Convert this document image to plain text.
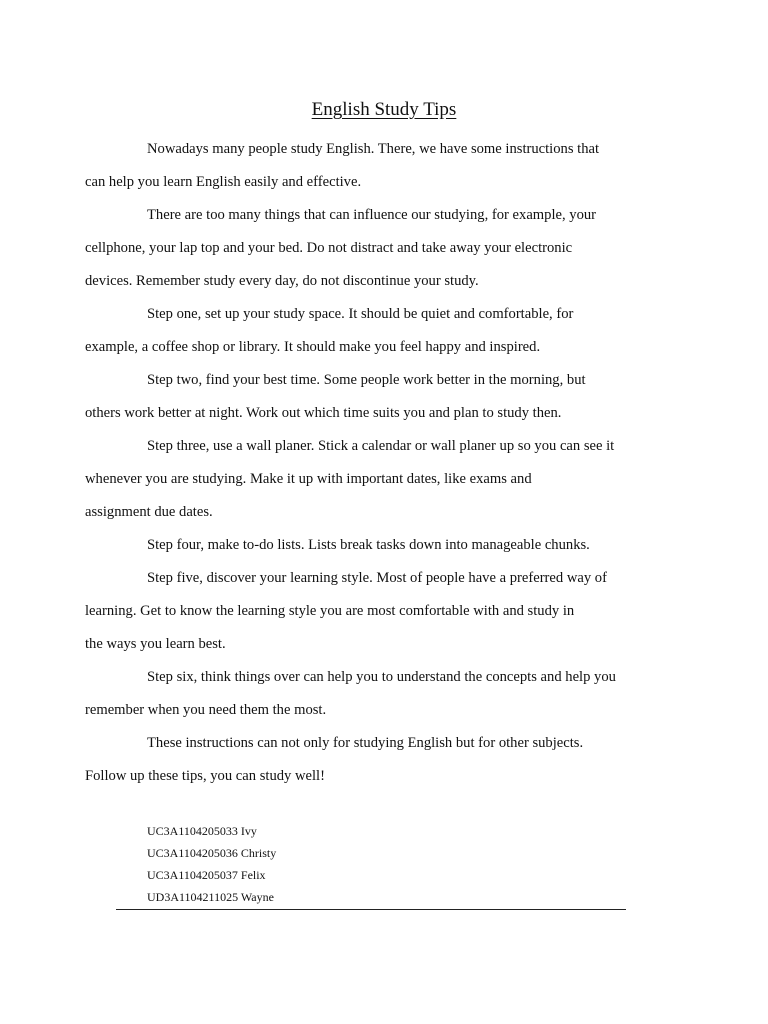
English Study Tips

Nowadays many people study English. There, we have some instructions that
can help you learn English easily and effective.

There are too many things that can influence our studying, for example, your
cellphone, your lap top and your bed. Do not distract and take away your electronic
devices. Remember study every day, do not discontinue your study.

Step one, set up your study space. It should be quiet and comfortable, for
example, a coffee shop or library. It should make you feel happy and inspired.

Step two, find your best time. Some people work better in the morning, but
others work better at night. Work out which time suits you and plan to study then.

Step three, use a wall planer. Stick a calendar or wall planer up so you can see it
whenever you are studying. Make it up with important dates, like exams and
assignment due dates.

Step four, make to-do lists. Lists break tasks down into manageable chunks.

Step five, discover your learning style. Most of people have a preferred way of
learning. Get to know the learning style you are most comfortable with and study in
the ways you learn best.

Step six, think things over can help you to understand the concepts and help you
remember when you need them the most.

These instructions can not only for studying English but for other subjects.
Follow up these tips, you can study well!

UC3A1104205033 Ivy
UC3A1104205036 Christy
UC3A1104205037 Felix
UD3A1104211025 Wayne
